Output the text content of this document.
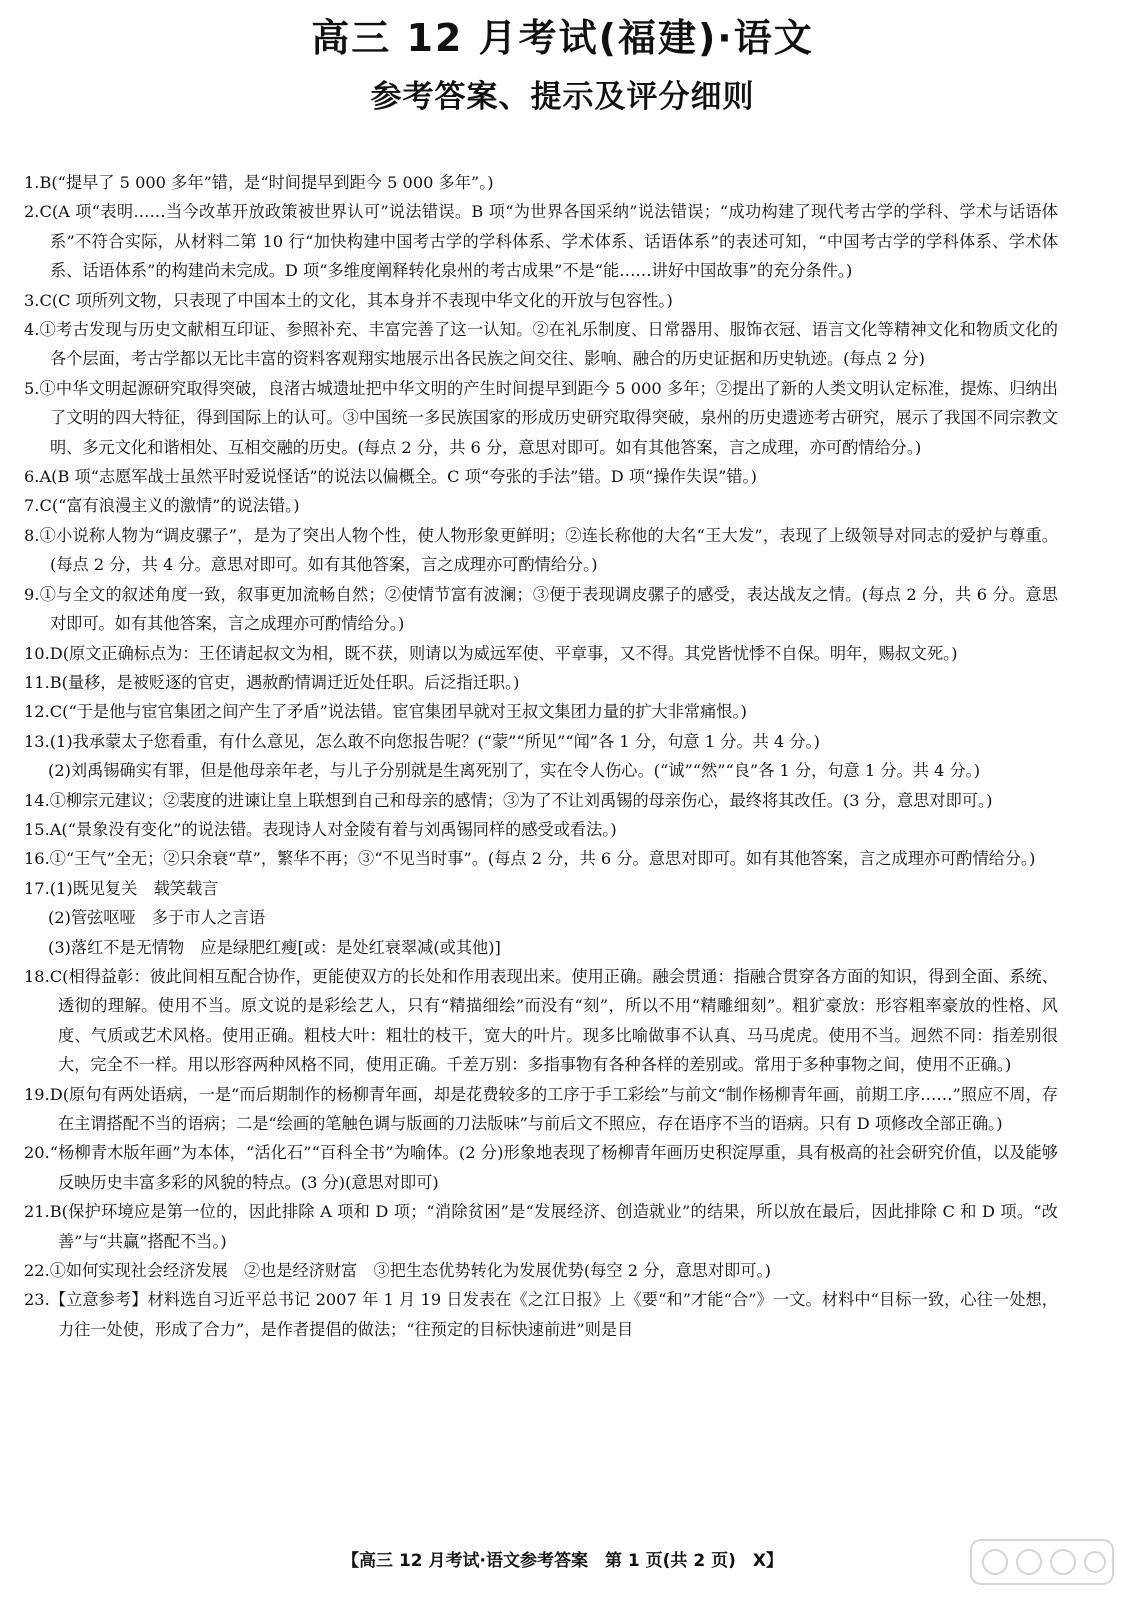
高三 12 月考试(福建)·语文
参考答案、提示及评分细则
1.B(“提早了 5 000 多年”错，是“时间提早到距今 5 000 多年”。)
2.C(A 项“表明……当今改革开放政策被世界认可”说法错误。B 项“为世界各国采纳”说法错误；“成功构建了现代考古学的学科、学术与话语体系”不符合实际，从材料二第 10 行“加快构建中国考古学的学科体系、学术体系、话语体系”的表述可知，“中国考古学的学科体系、学术体系、话语体系”的构建尚未完成。D 项“多维度阐释转化泉州的考古成果”不是“能……讲好中国故事”的充分条件。)
3.C(C 项所列文物，只表现了中国本土的文化，其本身并不表现中华文化的开放与包容性。)
4.①考古发现与历史文献相互印证、参照补充、丰富完善了这一认知。②在礼乐制度、日常器用、服饰衣冠、语言文化等精神文化和物质文化的各个层面，考古学都以无比丰富的资料客观翔实地展示出各民族之间交往、影响、融合的历史证据和历史轨迹。(每点 2 分)
5.①中华文明起源研究取得突破，良渚古城遗址把中华文明的产生时间提早到距今 5 000 多年；②提出了新的人类文明认定标准，提炼、归纳出了文明的四大特征，得到国际上的认可。③中国统一多民族国家的形成历史研究取得突破，泉州的历史遗迹考古研究，展示了我国不同宗教文明、多元文化和谐相处、互相交融的历史。(每点 2 分，共 6 分，意思对即可。如有其他答案，言之成理，亦可酌情给分。)
6.A(B 项“志愿军战士虽然平时爱说怪话”的说法以偏概全。C 项“夸张的手法”错。D 项“操作失误”错。)
7.C(“富有浪漫主义的激情”的说法错。)
8.①小说称人物为“调皮骡子”，是为了突出人物个性，使人物形象更鲜明；②连长称他的大名“王大发”，表现了上级领导对同志的爱护与尊重。(每点 2 分，共 4 分。意思对即可。如有其他答案，言之成理亦可酌情给分。)
9.①与全文的叙述角度一致，叙事更加流畅自然；②使情节富有波澜；③便于表现调皮骡子的感受，表达战友之情。(每点 2 分，共 6 分。意思对即可。如有其他答案，言之成理亦可酌情给分。)
10.D(原文正确标点为：王伾请起叔文为相，既不获，则请以为威远军使、平章事，又不得。其党皆忧悸不自保。明年，赐叔文死。)
11.B(量移，是被贬逐的官吏，遇赦酌情调迁近处任职。后泛指迁职。)
12.C(“于是他与宦官集团之间产生了矛盾”说法错。宦官集团早就对王叔文集团力量的扩大非常痛恨。)
13.(1)我承蒙太子您看重，有什么意见，怎么敢不向您报告呢？(“蒙”“所见”“闻”各 1 分，句意 1 分。共 4 分。)
(2)刘禹锡确实有罪，但是他母亲年老，与儿子分别就是生离死别了，实在令人伤心。(“诚”“然”“良”各 1 分，句意 1 分。共 4 分。)
14.①柳宗元建议；②裴度的进谏让皇上联想到自己和母亲的感情；③为了不让刘禹锡的母亲伤心，最终将其改任。(3 分，意思对即可。)
15.A(“景象没有变化”的说法错。表现诗人对金陵有着与刘禹锡同样的感受或看法。)
16.①“王气”全无；②只余衰“草”，繁华不再；③“不见当时事”。(每点 2 分，共 6 分。意思对即可。如有其他答案，言之成理亦可酌情给分。)
17.(1)既见复关　载笑载言
(2)管弦呕哑　多于市人之言语
(3)落红不是无情物　应是绿肥红瘦[或：是处红衰翠减(或其他)]
18.C(相得益彰：彼此间相互配合协作，更能使双方的长处和作用表现出来。使用正确。融会贯通：指融合贯穿各方面的知识，得到全面、系统、透彻的理解。使用不当。原文说的是彩绘艺人，只有“精描细绘”而没有“刻”，所以不用“精雕细刻”。粗犷豪放：形容粗率豪放的性格、风度、气质或艺术风格。使用正确。粗枝大叶：粗壮的枝干，宽大的叶片。现多比喻做事不认真、马马虎虎。使用不当。迥然不同：指差别很大，完全不一样。用以形容两种风格不同，使用正确。千差万别：多指事物有各种各样的差别或。常用于多种事物之间，使用不正确。)
19.D(原句有两处语病，一是“而后期制作的杨柳青年画，却是花费较多的工序于手工彩绘”与前文“制作杨柳青年画，前期工序……”照应不周，存在主谓搭配不当的语病；二是“绘画的笔触色调与版画的刀法版味”与前后文不照应，存在语序不当的语病。只有 D 项修改全部正确。)
20.“杨柳青木版年画”为本体，“活化石”“百科全书”为喻体。(2 分)形象地表现了杨柳青年画历史积淀厚重，具有极高的社会研究价值，以及能够反映历史丰富多彩的风貌的特点。(3 分)(意思对即可)
21.B(保护环境应是第一位的，因此排除 A 项和 D 项；“消除贫困”是“发展经济、创造就业”的结果，所以放在最后，因此排除 C 和 D 项。“改善”与“共赢”搭配不当。)
22.①如何实现社会经济发展　②也是经济财富　③把生态优势转化为发展优势(每空 2 分，意思对即可。)
23.【立意参考】材料选自习近平总书记 2007 年 1 月 19 日发表在《之江日报》上《要“和”才能“合”》一文。材料中“目标一致，心往一处想，力往一处使，形成了合力”，是作者提倡的做法；“往预定的目标快速前进”则是目
【高三 12 月考试·语文参考答案　第 1 页(共 2 页)　X】
